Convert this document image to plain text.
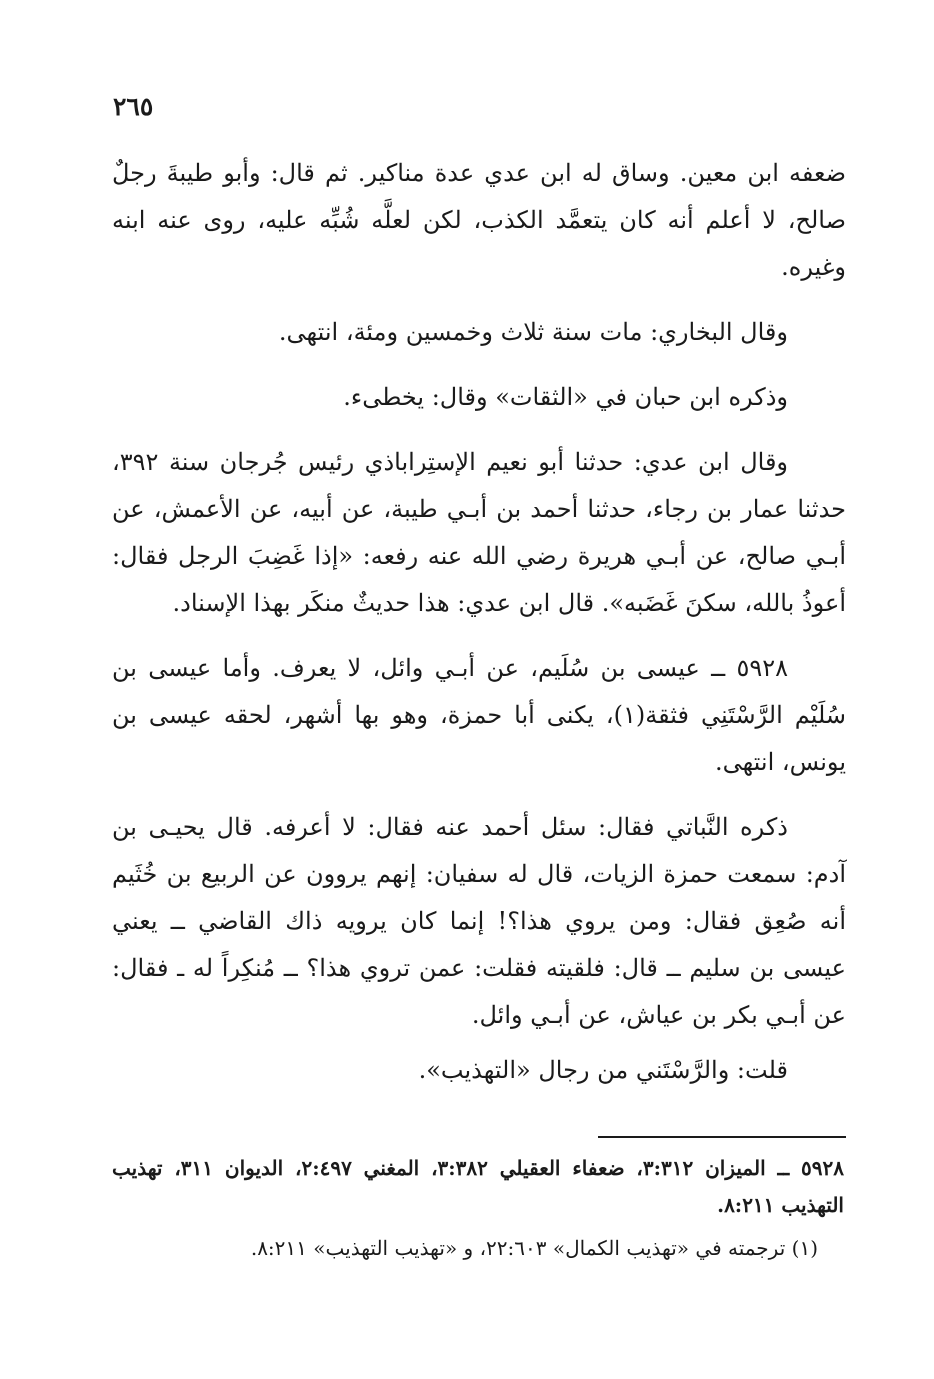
٢٦٥

ضعفه ابن معين. وساق له ابن عدي عدة مناكير. ثم قال: وأبو طيبةَ رجلٌ صالح، لا أعلم أنه كان يتعمَّد الكذب، لكن لعلَّه شُبِّه عليه، روى عنه ابنه وغيره.

وقال البخاري: مات سنة ثلاث وخمسين ومئة، انتهى.

وذكره ابن حبان في «الثقات» وقال: يخطىء.

وقال ابن عدي: حدثنا أبو نعيم الإستِراباذي رئيس جُرجان سنة ٣٩٢، حدثنا عمار بن رجاء، حدثنا أحمد بن أبـي طيبة، عن أبيه، عن الأعمش، عن أبـي صالح، عن أبـي هريرة رضي الله عنه رفعه: «إذا غَضِبَ الرجل فقال: أعوذُ بالله، سكنَ غَضَبه». قال ابن عدي: هذا حديثٌ منكَر بهذا الإسناد.

٥٩٢٨ ــ عيسى بن سُلَيم، عن أبـي وائل، لا يعرف. وأما عيسى بن سُلَيْم الرَّسْتَنِي فثقة(١)، يكنى أبا حمزة، وهو بها أشهر، لحقه عيسى بن يونس، انتهى.

ذكره النَّباتي فقال: سئل أحمد عنه فقال: لا أعرفه. قال يحيـى بن آدم: سمعت حمزة الزيات، قال له سفيان: إنهم يروون عن الربيع بن خُثَيم أنه صُعِق فقال: ومن يروي هذا؟! إنما كان يرويه ذاك القاضي ــ يعني عيسى بن سليم ــ قال: فلقيته فقلت: عمن تروي هذا؟ ــ مُنكِراً له ـ فقال: عن أبـي بكر بن عياش، عن أبـي وائل.

قلت: والرَّسْتَني من رجال «التهذيب».

٥٩٢٨ ــ الميزان ٣:٣١٢، ضعفاء العقيلي ٣:٣٨٢، المغني ٢:٤٩٧، الديوان ٣١١، تهذيب التهذيب ٨:٢١١.

(١) ترجمته في «تهذيب الكمال» ٢٢:٦٠٣، و «تهذيب التهذيب» ٨:٢١١.
